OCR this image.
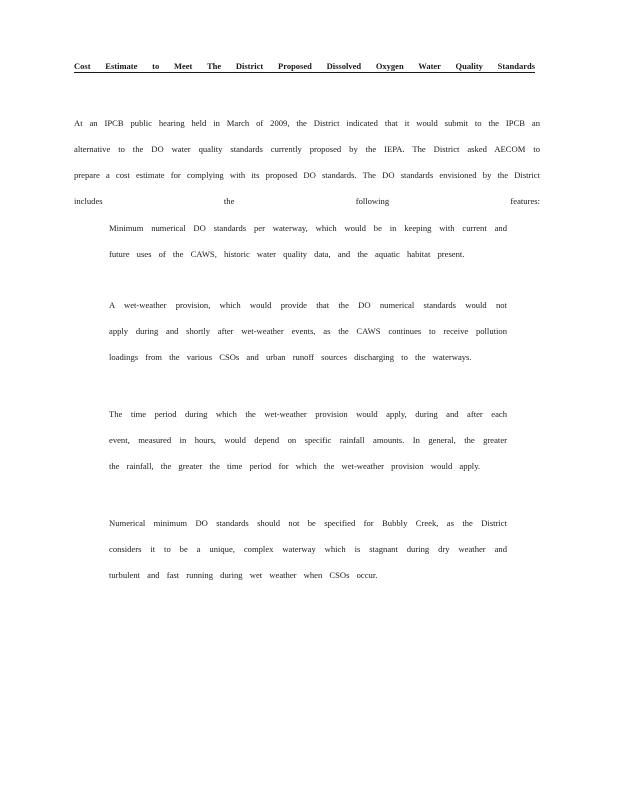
Cost Estimate to Meet The District Proposed Dissolved Oxygen Water Quality Standards
At an IPCB public hearing held in March of 2009, the District indicated that it would submit to the IPCB an alternative to the DO water quality standards currently proposed by the IEPA. The District asked AECOM to prepare a cost estimate for complying with its proposed DO standards. The DO standards envisioned by the District includes the following features:
Minimum numerical DO standards per waterway, which would be in keeping with current and future uses of the CAWS, historic water quality data, and the aquatic habitat present.
A wet-weather provision, which would provide that the DO numerical standards would not apply during and shortly after wet-weather events, as the CAWS continues to receive pollution loadings from the various CSOs and urban runoff sources discharging to the waterways.
The time period during which the wet-weather provision would apply, during and after each event, measured in hours, would depend on specific rainfall amounts. In general, the greater the rainfall, the greater the time period for which the wet-weather provision would apply.
Numerical minimum DO standards should not be specified for Bubbly Creek, as the District considers it to be a unique, complex waterway which is stagnant during dry weather and turbulent and fast running during wet weather when CSOs occur.
